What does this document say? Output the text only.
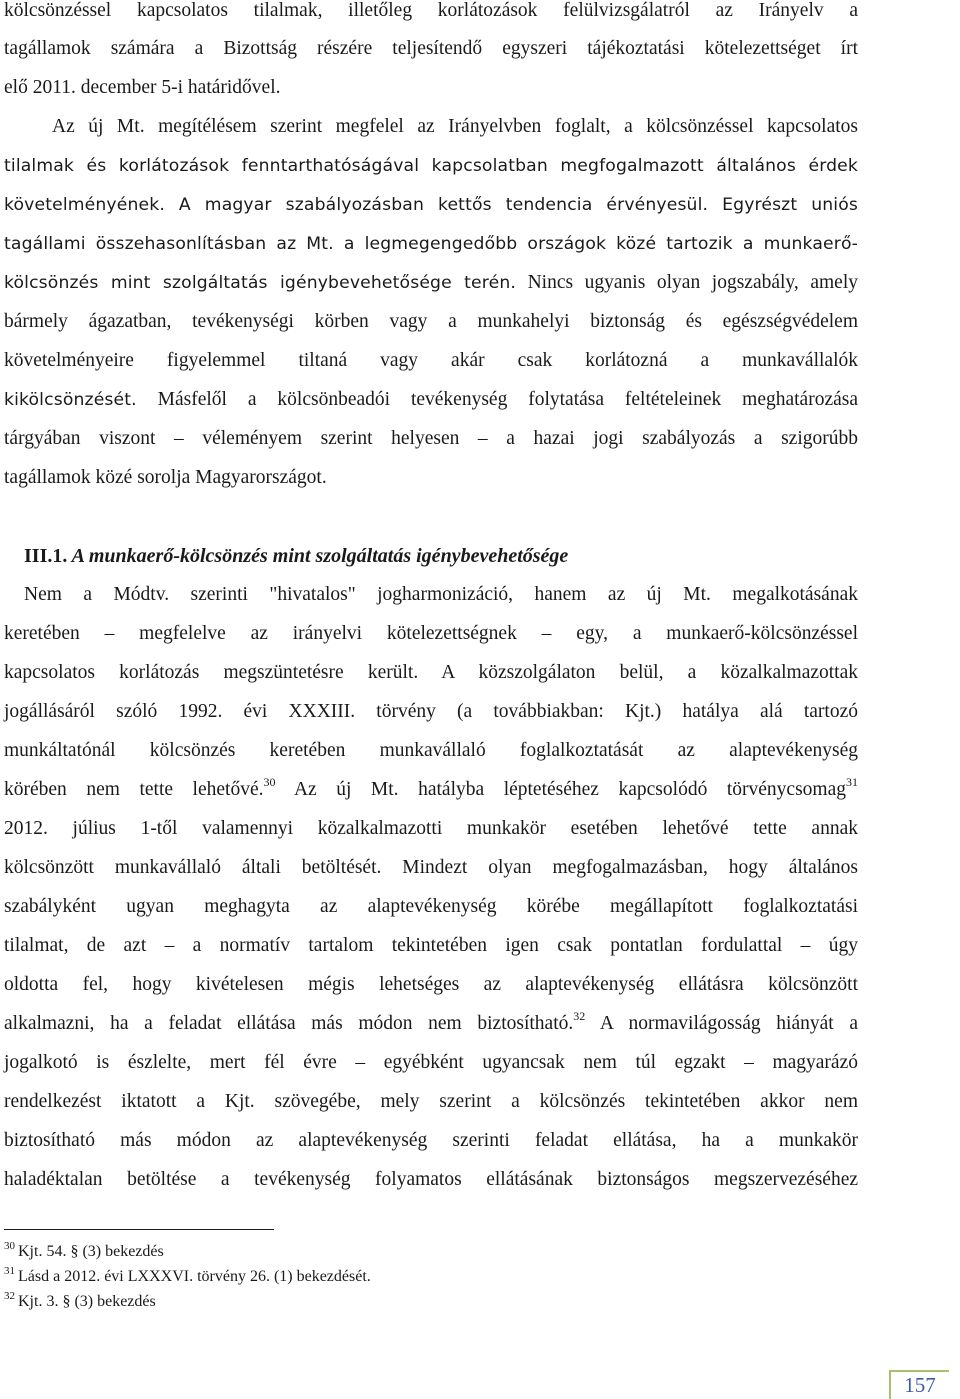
kölcsönzéssel kapcsolatos tilalmak, illetőleg korlátozások felülvizsgálatról az Irányelv a
tagállamok számára a Bizottság részére teljesítendő egyszeri tájékoztatási kötelezettséget írt
elő 2011. december 5-i határidővel.
Az új Mt. megítélésem szerint megfelel az Irányelvben foglalt, a kölcsönzéssel kapcsolatos
tilalmak és korlátozások fenntarthatóságával kapcsolatban megfogalmazott általános érdek
követelményének. A magyar szabályozásban kettős tendencia érvényesül. Egyrészt uniós
tagállami összehasonlításban az Mt. a legmegengedőbb országok közé tartozik a munkaerő-
kölcsönzés mint szolgáltatás igénybevehetősége terén. Nincs ugyanis olyan jogszabály, amely
bármely ágazatban, tevékenységi körben vagy a munkahelyi biztonság és egészségvédelem
követelményeire figyelemmel tiltaná vagy akár csak korlátozná a munkavállalók
kikölcsönzését. Másfelől a kölcsönbeadói tevékenység folytatása feltételeinek meghatározása
tárgyában viszont – véleményem szerint helyesen – a hazai jogi szabályozás a szigorúbb
tagállamok közé sorolja Magyarországot.
III.1. A munkaerő-kölcsönzés mint szolgáltatás igénybevehetősége
Nem a Módtv. szerinti "hivatalos" jogharmonizáció, hanem az új Mt. megalkotásának
keretében – megfelelve az irányelvi kötelezettségnek – egy, a munkaerő-kölcsönzéssel
kapcsolatos korlátozás megszüntetésre került. A közszolgálaton belül, a közalkalmazottak
jogállásáról szóló 1992. évi XXXIII. törvény (a továbbiakban: Kjt.) hatálya alá tartozó
munkáltatónál kölcsönzés keretében munkavállaló foglalkoztatását az alaptevékenység
körében nem tette lehetővé.$^{30}$ Az új Mt. hatályba léptetéséhez kapcsolódó törvénycsomag$^{31}$
2012. július 1-től valamennyi közalkalmazotti munkakör esetében lehetővé tette annak
kölcsönzött munkavállaló általi betöltését. Mindezt olyan megfogalmazásban, hogy általános
szabályként ugyan meghagyta az alaptevékenység körébe megállapított foglalkoztatási
tilalmat, de azt – a normatív tartalom tekintetében igen csak pontatlan fordulattal – úgy
oldotta fel, hogy kivételesen mégis lehetséges az alaptevékenység ellátásra kölcsönzött
alkalmazni, ha a feladat ellátása más módon nem biztosítható.$^{32}$ A normavilágosság hiányát a
jogalkotó is észlelte, mert fél évre – egyébként ugyancsak nem túl egzakt – magyarázó
rendelkezést iktatott a Kjt. szövegébe, mely szerint a kölcsönzés tekintetében akkor nem
biztosítható más módon az alaptevékenység szerinti feladat ellátása, ha a munkakör
haladéktalan betöltése a tevékenység folyamatos ellátásának biztonságos megszervezéséhez
$^{30}$ Kjt. 54. § (3) bekezdés
$^{31}$ Lásd a 2012. évi LXXXVI. törvény 26. (1) bekezdését.
$^{32}$ Kjt. 3. § (3) bekezdés
157
